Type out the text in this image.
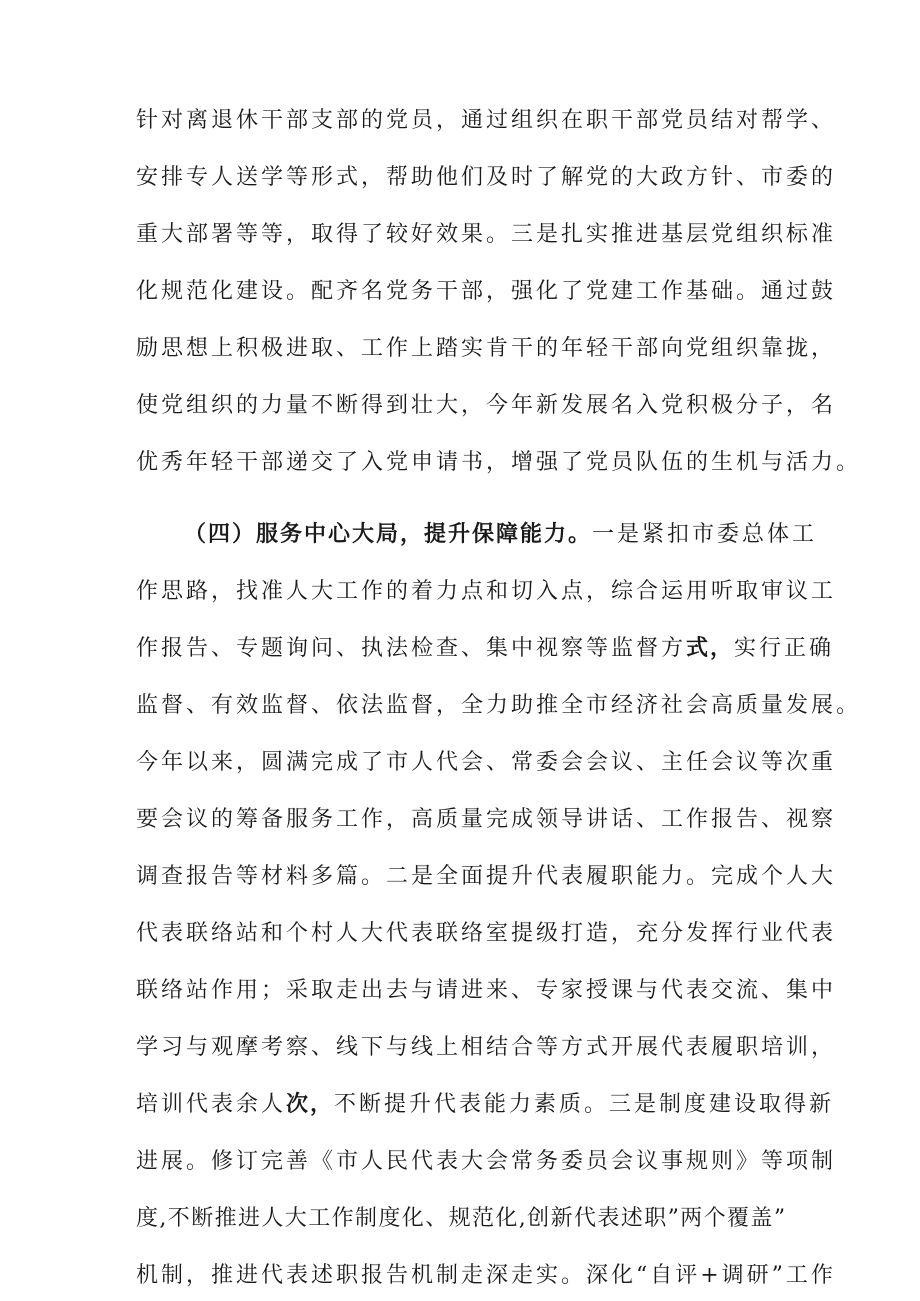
针对离退休干部支部的党员，通过组织在职干部党员结对帮学、
安排专人送学等形式，帮助他们及时了解党的大政方针、市委的
重大部署等等，取得了较好效果。三是扎实推进基层党组织标准
化规范化建设。配齐名党务干部，强化了党建工作基础。通过鼓
励思想上积极进取、工作上踏实肯干的年轻干部向党组织靠拢，
使党组织的力量不断得到壮大，今年新发展名入党积极分子，名
优秀年轻干部递交了入党申请书，增强了党员队伍的生机与活力。
（四）服务中心大局，提升保障能力。一是紧扣市委总体工
作思路，找准人大工作的着力点和切入点，综合运用听取审议工
作报告、专题询问、执法检查、集中视察等监督方式，实行正确
监督、有效监督、依法监督，全力助推全市经济社会高质量发展。
今年以来，圆满完成了市人代会、常委会会议、主任会议等次重
要会议的筹备服务工作，高质量完成领导讲话、工作报告、视察
调查报告等材料多篇。二是全面提升代表履职能力。完成个人大
代表联络站和个村人大代表联络室提级打造，充分发挥行业代表
联络站作用；采取走出去与请进来、专家授课与代表交流、集中
学习与观摩考察、线下与线上相结合等方式开展代表履职培训，
培训代表余人次，不断提升代表能力素质。三是制度建设取得新
进展。修订完善《市人民代表大会常务委员会议事规则》等项制
度,不断推进人大工作制度化、规范化,创新代表述职”两个覆盖”
机制，推进代表述职报告机制走深走实。深化“自评+调研”工作
